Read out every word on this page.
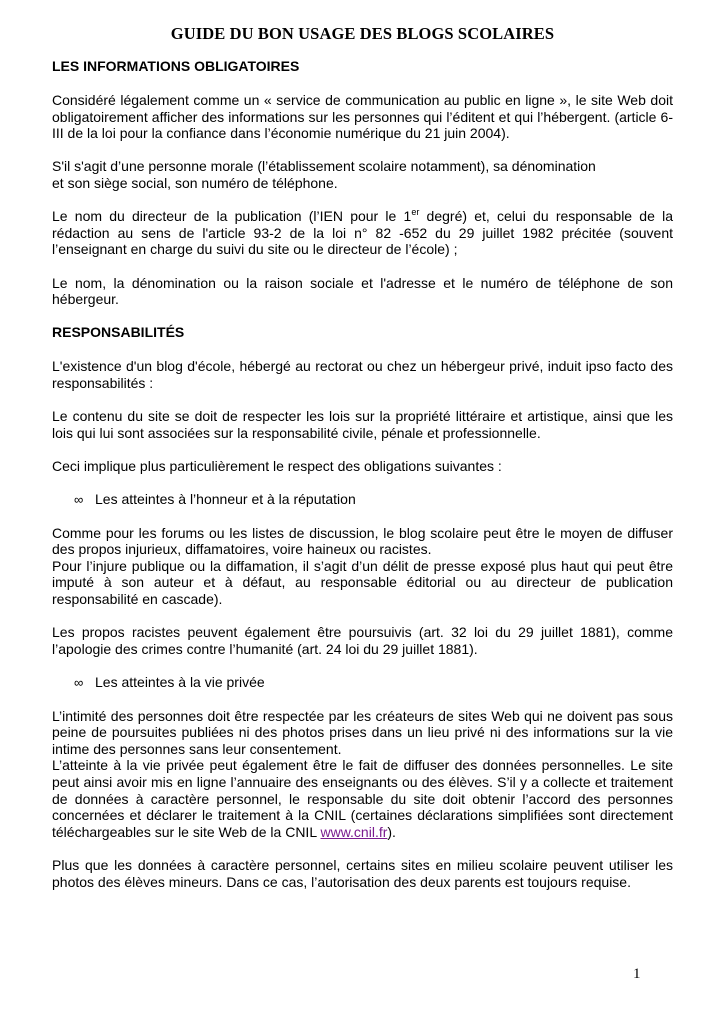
GUIDE DU BON USAGE DES BLOGS SCOLAIRES
LES INFORMATIONS OBLIGATOIRES

Considéré légalement comme un « service de communication au public en ligne », le site Web doit obligatoirement afficher des informations sur les personnes qui l’éditent et qui l’hébergent. (article 6-III de la loi pour la confiance dans l’économie numérique du 21 juin 2004).

S'il s'agit d’une personne morale (l’établissement scolaire notamment), sa dénomination
et son siège social, son numéro de téléphone.

Le nom du directeur de la publication (l’IEN pour le 1er degré) et, celui du responsable de la rédaction au sens de l'article 93-2 de la loi n° 82 -652 du 29 juillet 1982 précitée (souvent l’enseignant en charge du suivi du site ou le directeur de l’école) ;

Le nom, la dénomination ou la raison sociale et l'adresse et le numéro de téléphone de son hébergeur.

RESPONSABILITÉS

L'existence d'un blog d'école, hébergé au rectorat ou chez un hébergeur privé, induit ipso facto des responsabilités :

Le contenu du site se doit de respecter les lois sur la propriété littéraire et artistique, ainsi que les lois qui lui sont associées sur la responsabilité civile, pénale et professionnelle.

Ceci implique plus particulièrement le respect des obligations suivantes :

∞ Les atteintes à l’honneur et à la réputation

Comme pour les forums ou les listes de discussion, le blog scolaire peut être le moyen de diffuser des propos injurieux, diffamatoires, voire haineux ou racistes.

Pour l’injure publique ou la diffamation, il s’agit d’un délit de presse exposé plus haut qui peut être imputé à son auteur et à défaut, au responsable éditorial ou au directeur de publication responsabilité en cascade).

Les propos racistes peuvent également être poursuivis (art. 32 loi du 29 juillet 1881), comme l’apologie des crimes contre l’humanité (art. 24 loi du 29 juillet 1881).

∞ Les atteintes à la vie privée

L’intimité des personnes doit être respectée par les créateurs de sites Web qui ne doivent pas sous peine de poursuites publiées ni des photos prises dans un lieu privé ni des informations sur la vie intime des personnes sans leur consentement.

L’atteinte à la vie privée peut également être le fait de diffuser des données personnelles. Le site peut ainsi avoir mis en ligne l’annuaire des enseignants ou des élèves. S’il y a collecte et traitement de données à caractère personnel, le responsable du site doit obtenir l’accord des personnes concernées et déclarer le traitement à la CNIL (certaines déclarations simplifiées sont directement téléchargeables sur le site Web de la CNIL www.cnil.fr).

Plus que les données à caractère personnel, certains sites en milieu scolaire peuvent utiliser les photos des élèves mineurs. Dans ce cas, l’autorisation des deux parents est toujours requise.

1
